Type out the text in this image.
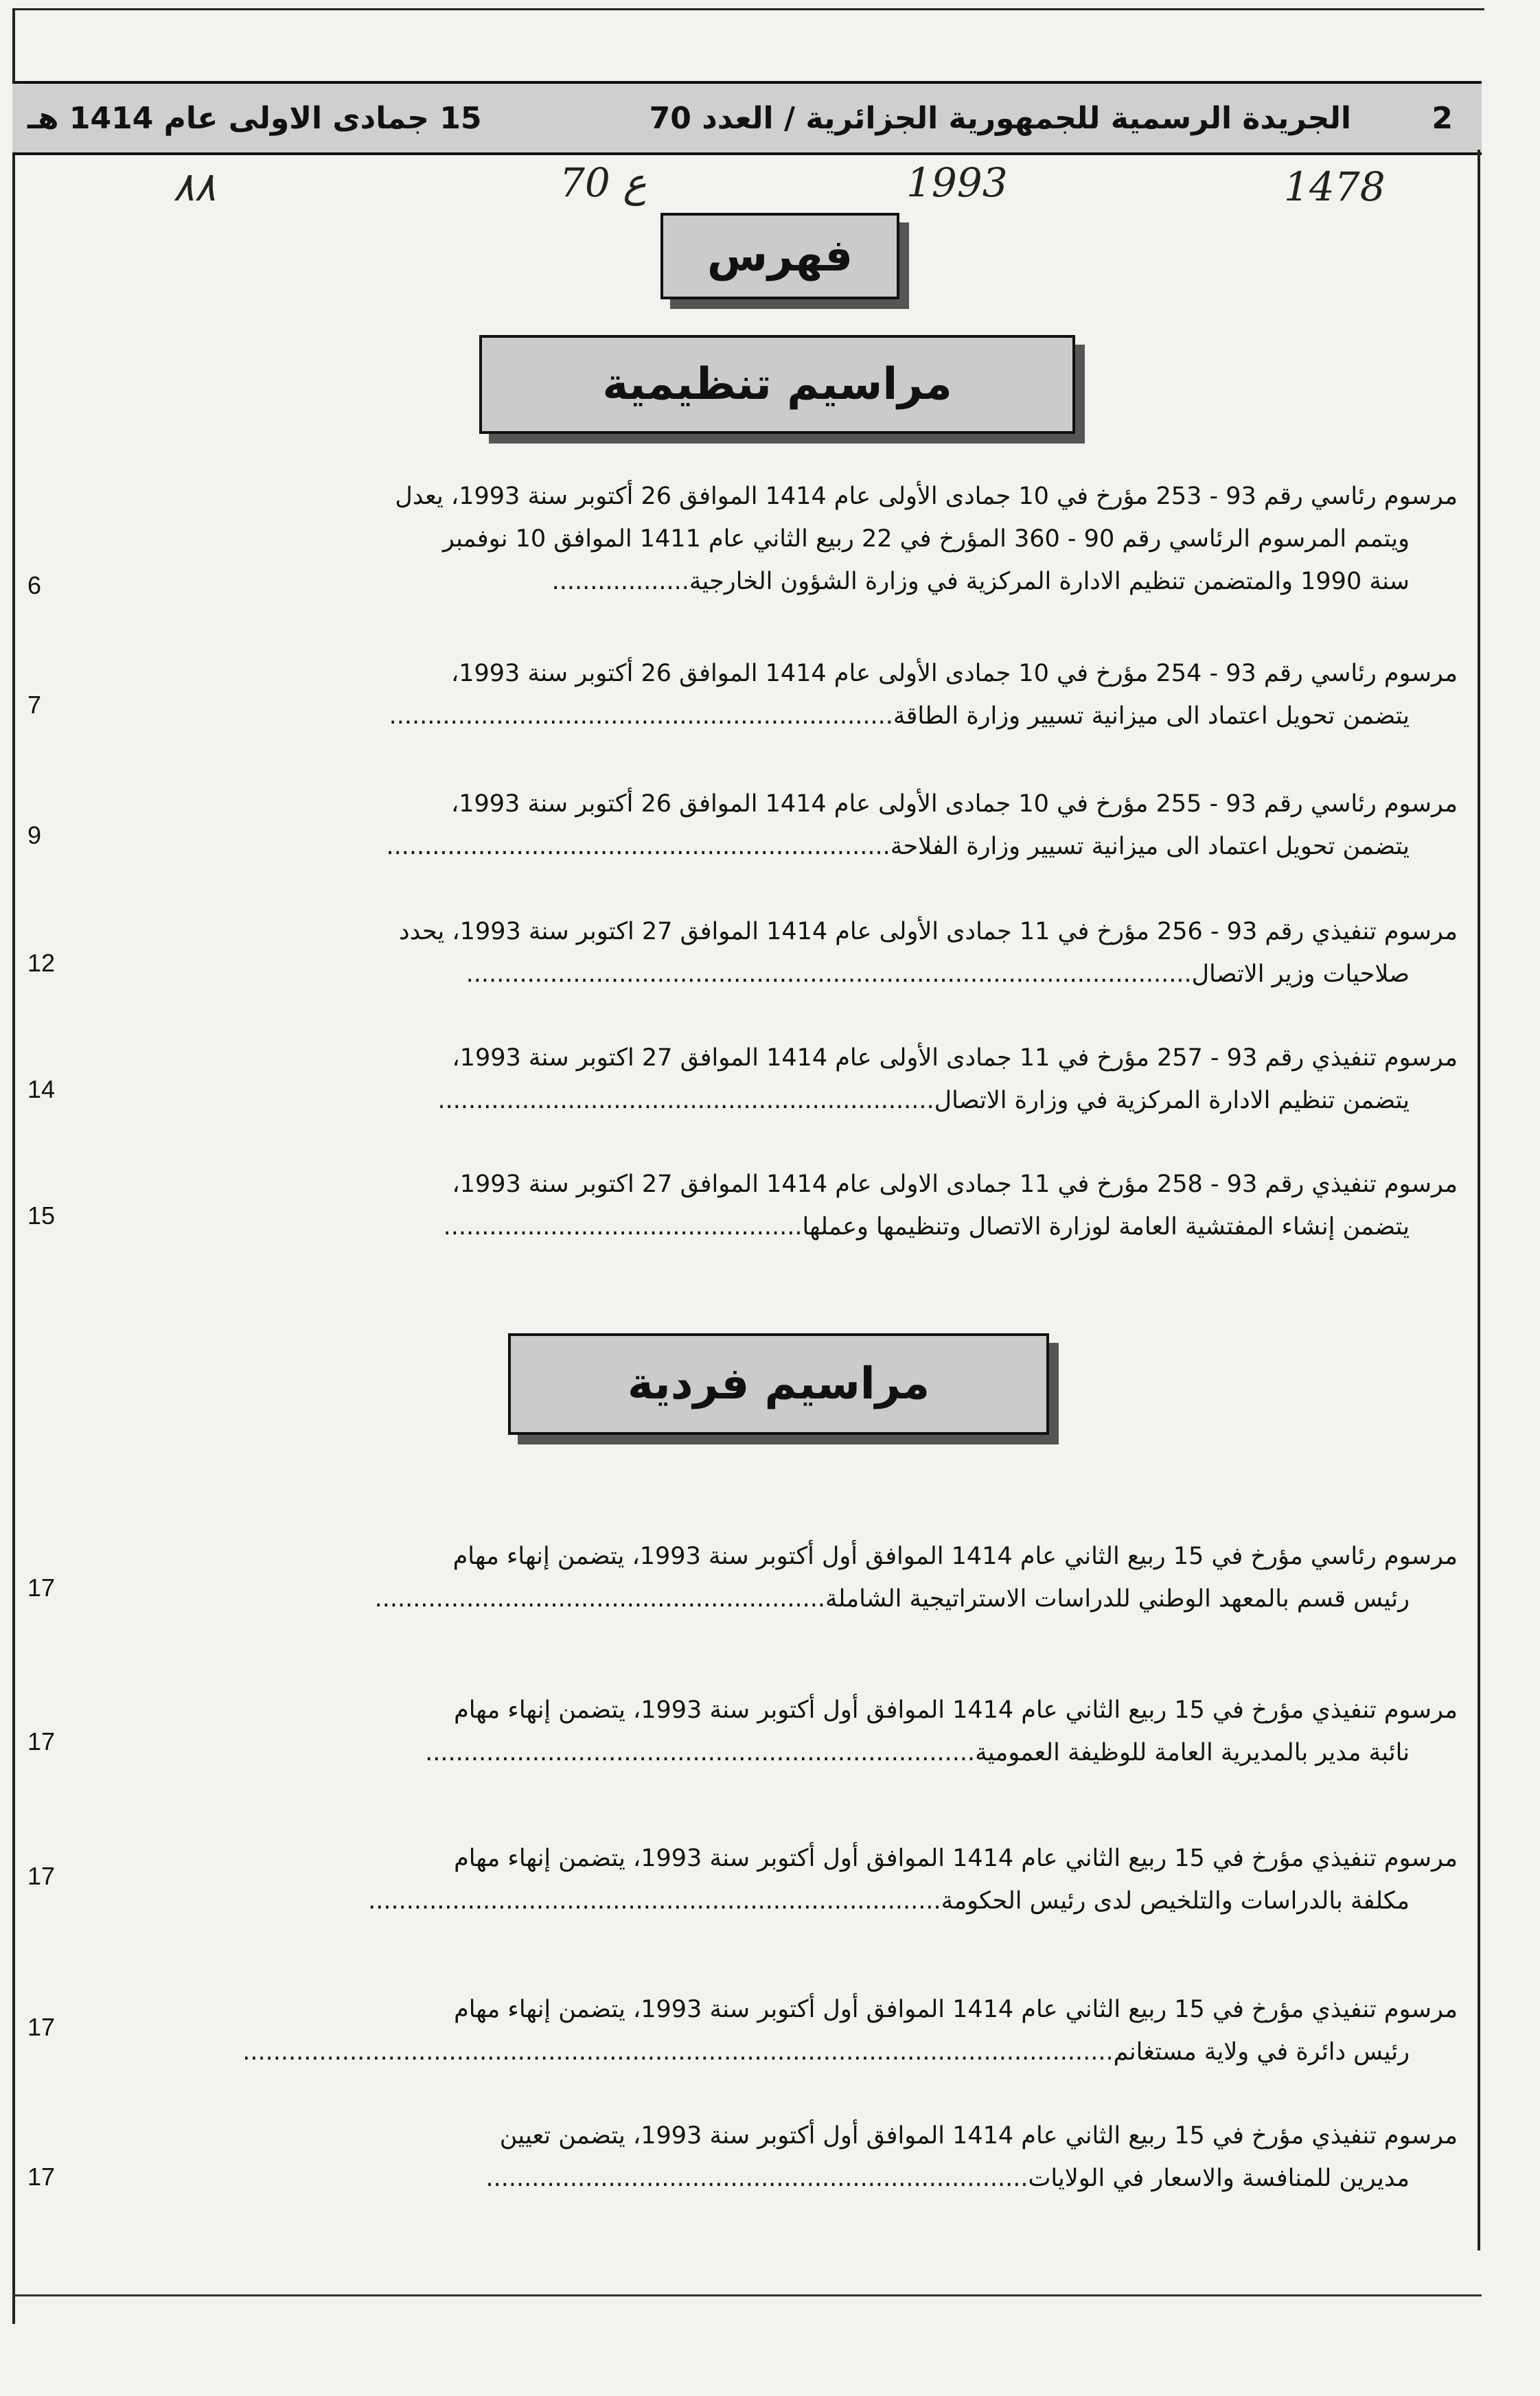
2
الجريدة الرسمية للجمهورية الجزائرية / العدد 70
15 جمادى الاولى عام 1414 هـ
٨٨	70 ع	1993	1478
فهرس
مراسيم تنظيمية
مرسوم رئاسي رقم 93 - 253 مؤرخ في 10 جمادى الأولى عام 1414 الموافق 26 أكتوبر سنة 1993، يعدل
ويتمم المرسوم الرئاسي رقم 90 - 360 المؤرخ في 22 ربيع الثاني عام 1411 الموافق 10 نوفمبر
سنة 1990 والمتضمن تنظيم الادارة المركزية في وزارة الشؤون الخارجية..................
6
مرسوم رئاسي رقم 93 - 254 مؤرخ في 10 جمادى الأولى عام 1414 الموافق 26 أكتوبر سنة 1993،
يتضمن تحويل اعتماد الى ميزانية تسيير وزارة الطاقة..................................................................
7
مرسوم رئاسي رقم 93 - 255 مؤرخ في 10 جمادى الأولى عام 1414 الموافق 26 أكتوبر سنة 1993،
يتضمن تحويل اعتماد الى ميزانية تسيير وزارة الفلاحة..................................................................
9
مرسوم تنفيذي رقم 93 - 256 مؤرخ في 11 جمادى الأولى عام 1414 الموافق 27 اكتوبر سنة 1993، يحدد
صلاحيات وزير الاتصال...............................................................................................
12
مرسوم تنفيذي رقم 93 - 257 مؤرخ في 11 جمادى الأولى عام 1414 الموافق 27 اكتوبر سنة 1993،
يتضمن تنظيم الادارة المركزية في وزارة الاتصال.................................................................
14
مرسوم تنفيذي رقم 93 - 258 مؤرخ في 11 جمادى الاولى عام 1414 الموافق 27 اكتوبر سنة 1993،
يتضمن إنشاء المفتشية العامة لوزارة الاتصال وتنظيمها وعملها...............................................
15
مراسيم فردية
مرسوم رئاسي مؤرخ في 15 ربيع الثاني عام 1414 الموافق أول أكتوبر سنة 1993، يتضمن إنهاء مهام
رئيس قسم بالمعهد الوطني للدراسات الاستراتيجية الشاملة...........................................................
17
مرسوم تنفيذي مؤرخ في 15 ربيع الثاني عام 1414 الموافق أول أكتوبر سنة 1993، يتضمن إنهاء مهام
نائبة مدير بالمديرية العامة للوظيفة العمومية........................................................................
17
مرسوم تنفيذي مؤرخ في 15 ربيع الثاني عام 1414 الموافق أول أكتوبر سنة 1993، يتضمن إنهاء مهام
مكلفة بالدراسات والتلخيص لدى رئيس الحكومة...........................................................................
17
مرسوم تنفيذي مؤرخ في 15 ربيع الثاني عام 1414 الموافق أول أكتوبر سنة 1993، يتضمن إنهاء مهام
رئيس دائرة في ولاية مستغانم..................................................................................................................
17
مرسوم تنفيذي مؤرخ في 15 ربيع الثاني عام 1414 الموافق أول أكتوبر سنة 1993، يتضمن تعيين
مديرين للمنافسة والاسعار في الولايات.......................................................................
17
